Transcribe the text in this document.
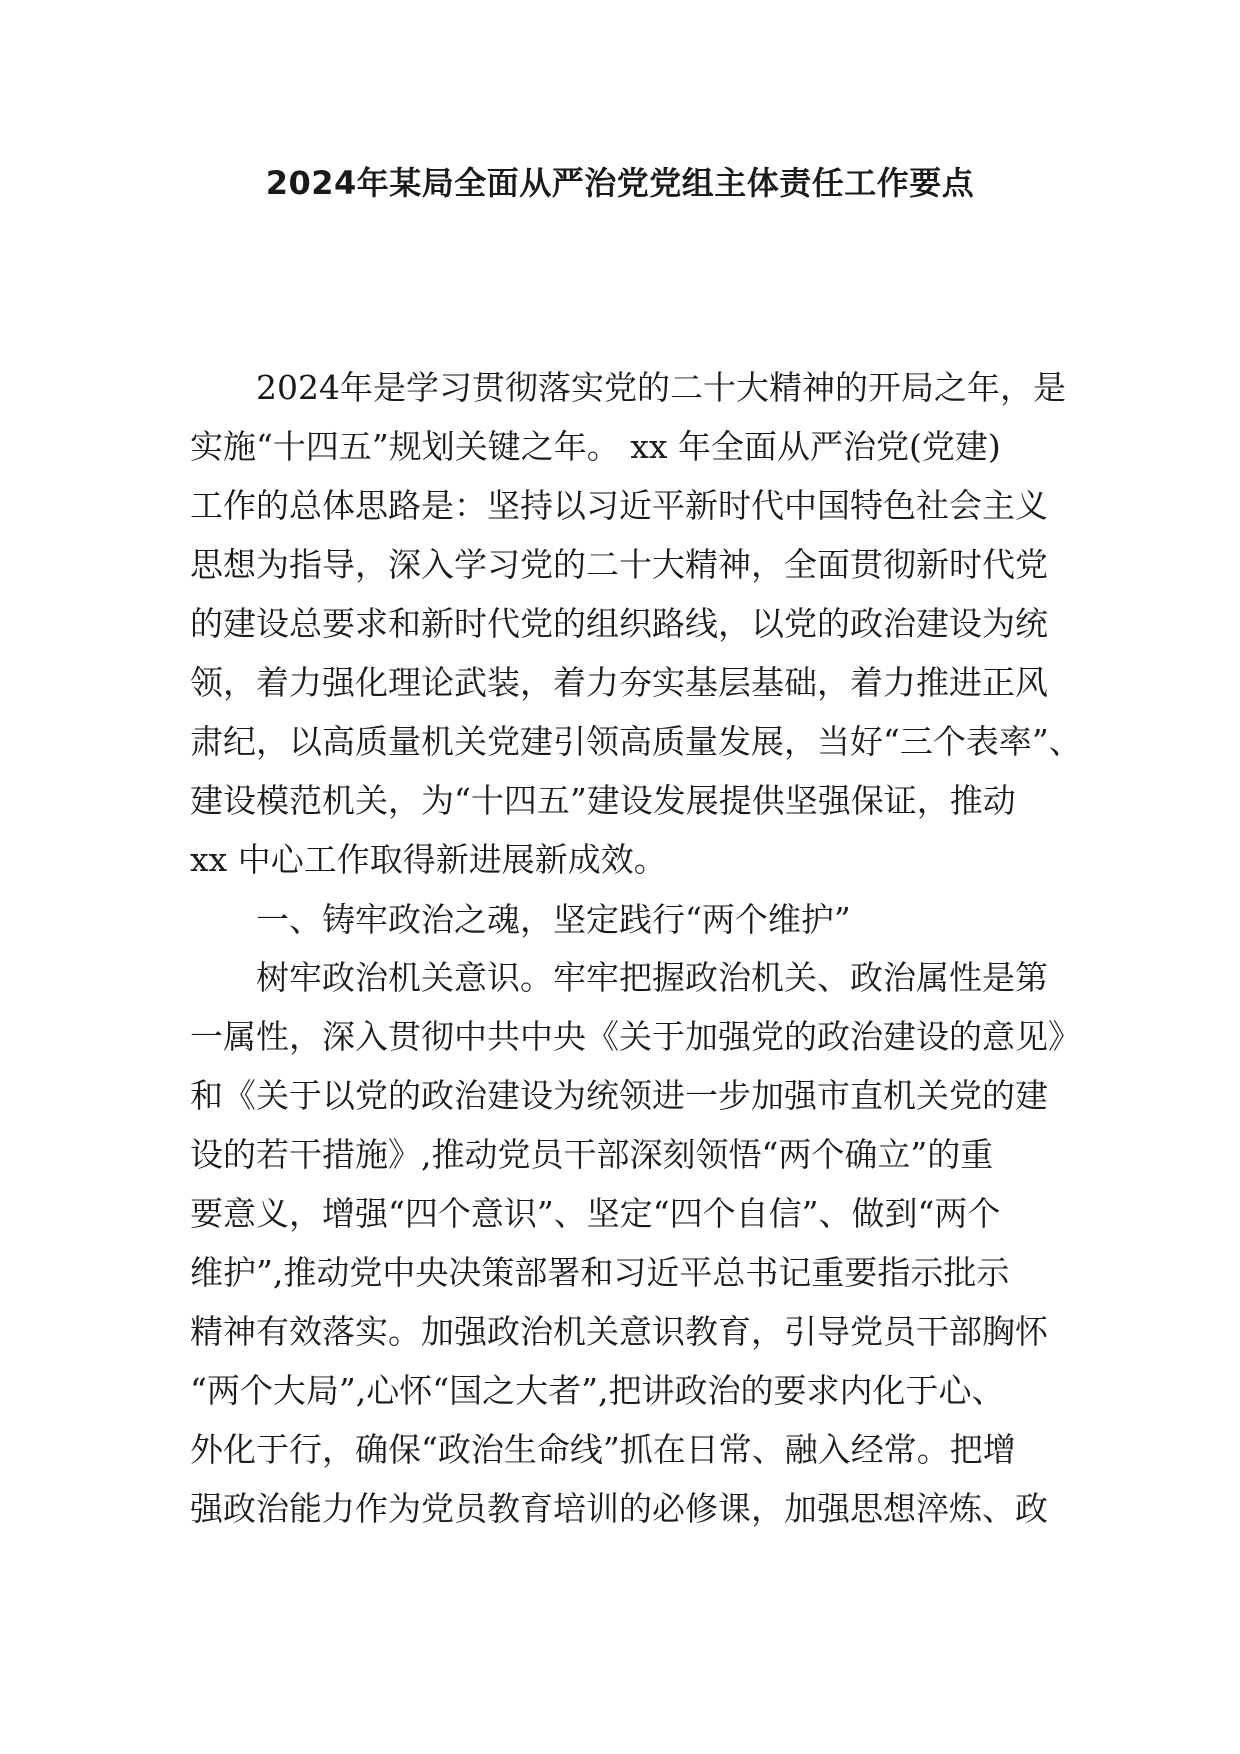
2024年某局全面从严治党党组主体责任工作要点
2024年是学习贯彻落实党的二十大精神的开局之年，是
实施“十四五”规划关键之年。 xx 年全面从严治党(党建)
工作的总体思路是：坚持以习近平新时代中国特色社会主义
思想为指导，深入学习党的二十大精神，全面贯彻新时代党
的建设总要求和新时代党的组织路线，以党的政治建设为统
领，着力强化理论武装，着力夯实基层基础，着力推进正风
肃纪，以高质量机关党建引领高质量发展，当好“三个表率”、
建设模范机关，为“十四五”建设发展提供坚强保证，推动
xx 中心工作取得新进展新成效。
一、铸牢政治之魂，坚定践行“两个维护”
树牢政治机关意识。牢牢把握政治机关、政治属性是第
一属性，深入贯彻中共中央《关于加强党的政治建设的意见》
和《关于以党的政治建设为统领进一步加强市直机关党的建
设的若干措施》,推动党员干部深刻领悟“两个确立”的重
要意义，增强“四个意识”、坚定“四个自信”、做到“两个
维护”,推动党中央决策部署和习近平总书记重要指示批示
精神有效落实。加强政治机关意识教育，引导党员干部胸怀
“两个大局”,心怀“国之大者”,把讲政治的要求内化于心、
外化于行，确保“政治生命线”抓在日常、融入经常。把增
强政治能力作为党员教育培训的必修课，加强思想淬炼、政
